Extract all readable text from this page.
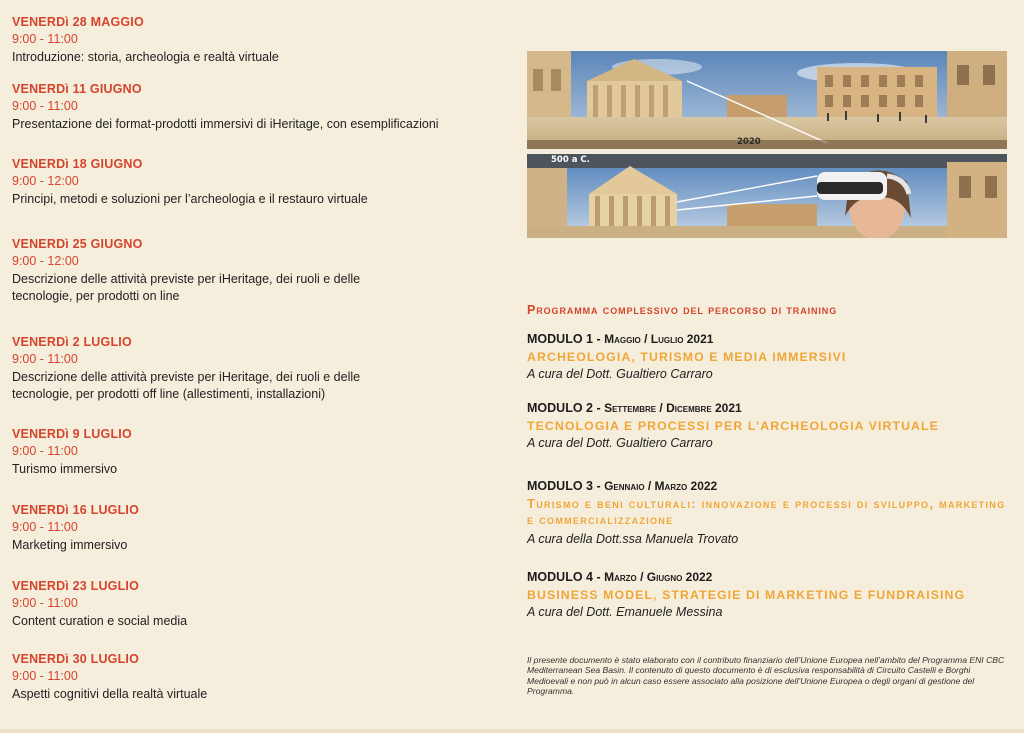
VENERDì 28 MAGGIO
9:00 - 11:00
Introduzione: storia, archeologia e realtà virtuale
VENERDì 11 GIUGNO
9:00 - 11:00
Presentazione dei format-prodotti immersivi di iHeritage, con esemplificazioni
VENERDì 18 GIUGNO
9:00 - 12:00
Principi, metodi e soluzioni per l’archeologia e il restauro virtuale
VENERDì 25 GIUGNO
9:00 - 12:00
Descrizione delle attività previste per iHeritage, dei ruoli e delle tecnologie, per prodotti on line
VENERDì 2 LUGLIO
9:00 - 11:00
Descrizione delle attività previste per iHeritage, dei ruoli e delle tecnologie, per prodotti off line (allestimenti, installazioni)
VENERDì 9 LUGLIO
9:00 - 11:00
Turismo immersivo
VENERDì 16 LUGLIO
9:00 - 11:00
Marketing immersivo
VENERDì 23 LUGLIO
9:00 - 11:00
Content curation e social media
VENERDì 30 LUGLIO
9:00 - 11:00
Aspetti cognitivi della realtà virtuale
2020
500 a C.
Programma complessivo del percorso di training
MODULO 1 - Maggio / Luglio 2021
ARCHEOLOGIA, TURISMO E MEDIA IMMERSIVI
A cura del Dott. Gualtiero Carraro
MODULO 2 - Settembre / Dicembre 2021
TECNOLOGIA E PROCESSI PER L’ARCHEOLOGIA VIRTUALE
A cura del Dott. Gualtiero Carraro
MODULO 3 - Gennaio / Marzo 2022
Turismo e beni culturali: innovazione e processi di sviluppo, marketing e commercializzazione
A cura della Dott.ssa Manuela Trovato
MODULO 4 - Marzo / Giugno 2022
BUSINESS MODEL, STRATEGIE DI MARKETING E FUNDRAISING
A cura del Dott. Emanuele Messina
Il presente documento è stato elaborato con il contributo finanziario dell’Unione Europea nell’ambito del Programma ENI CBC Mediterranean Sea Basin. Il contenuto di questo documento è di esclusiva responsabilità di Circuito Castelli e Borghi Medioevali e non può in alcun caso essere associato alla posizione dell’Unione Europea o degli organi di gestione del Programma.
